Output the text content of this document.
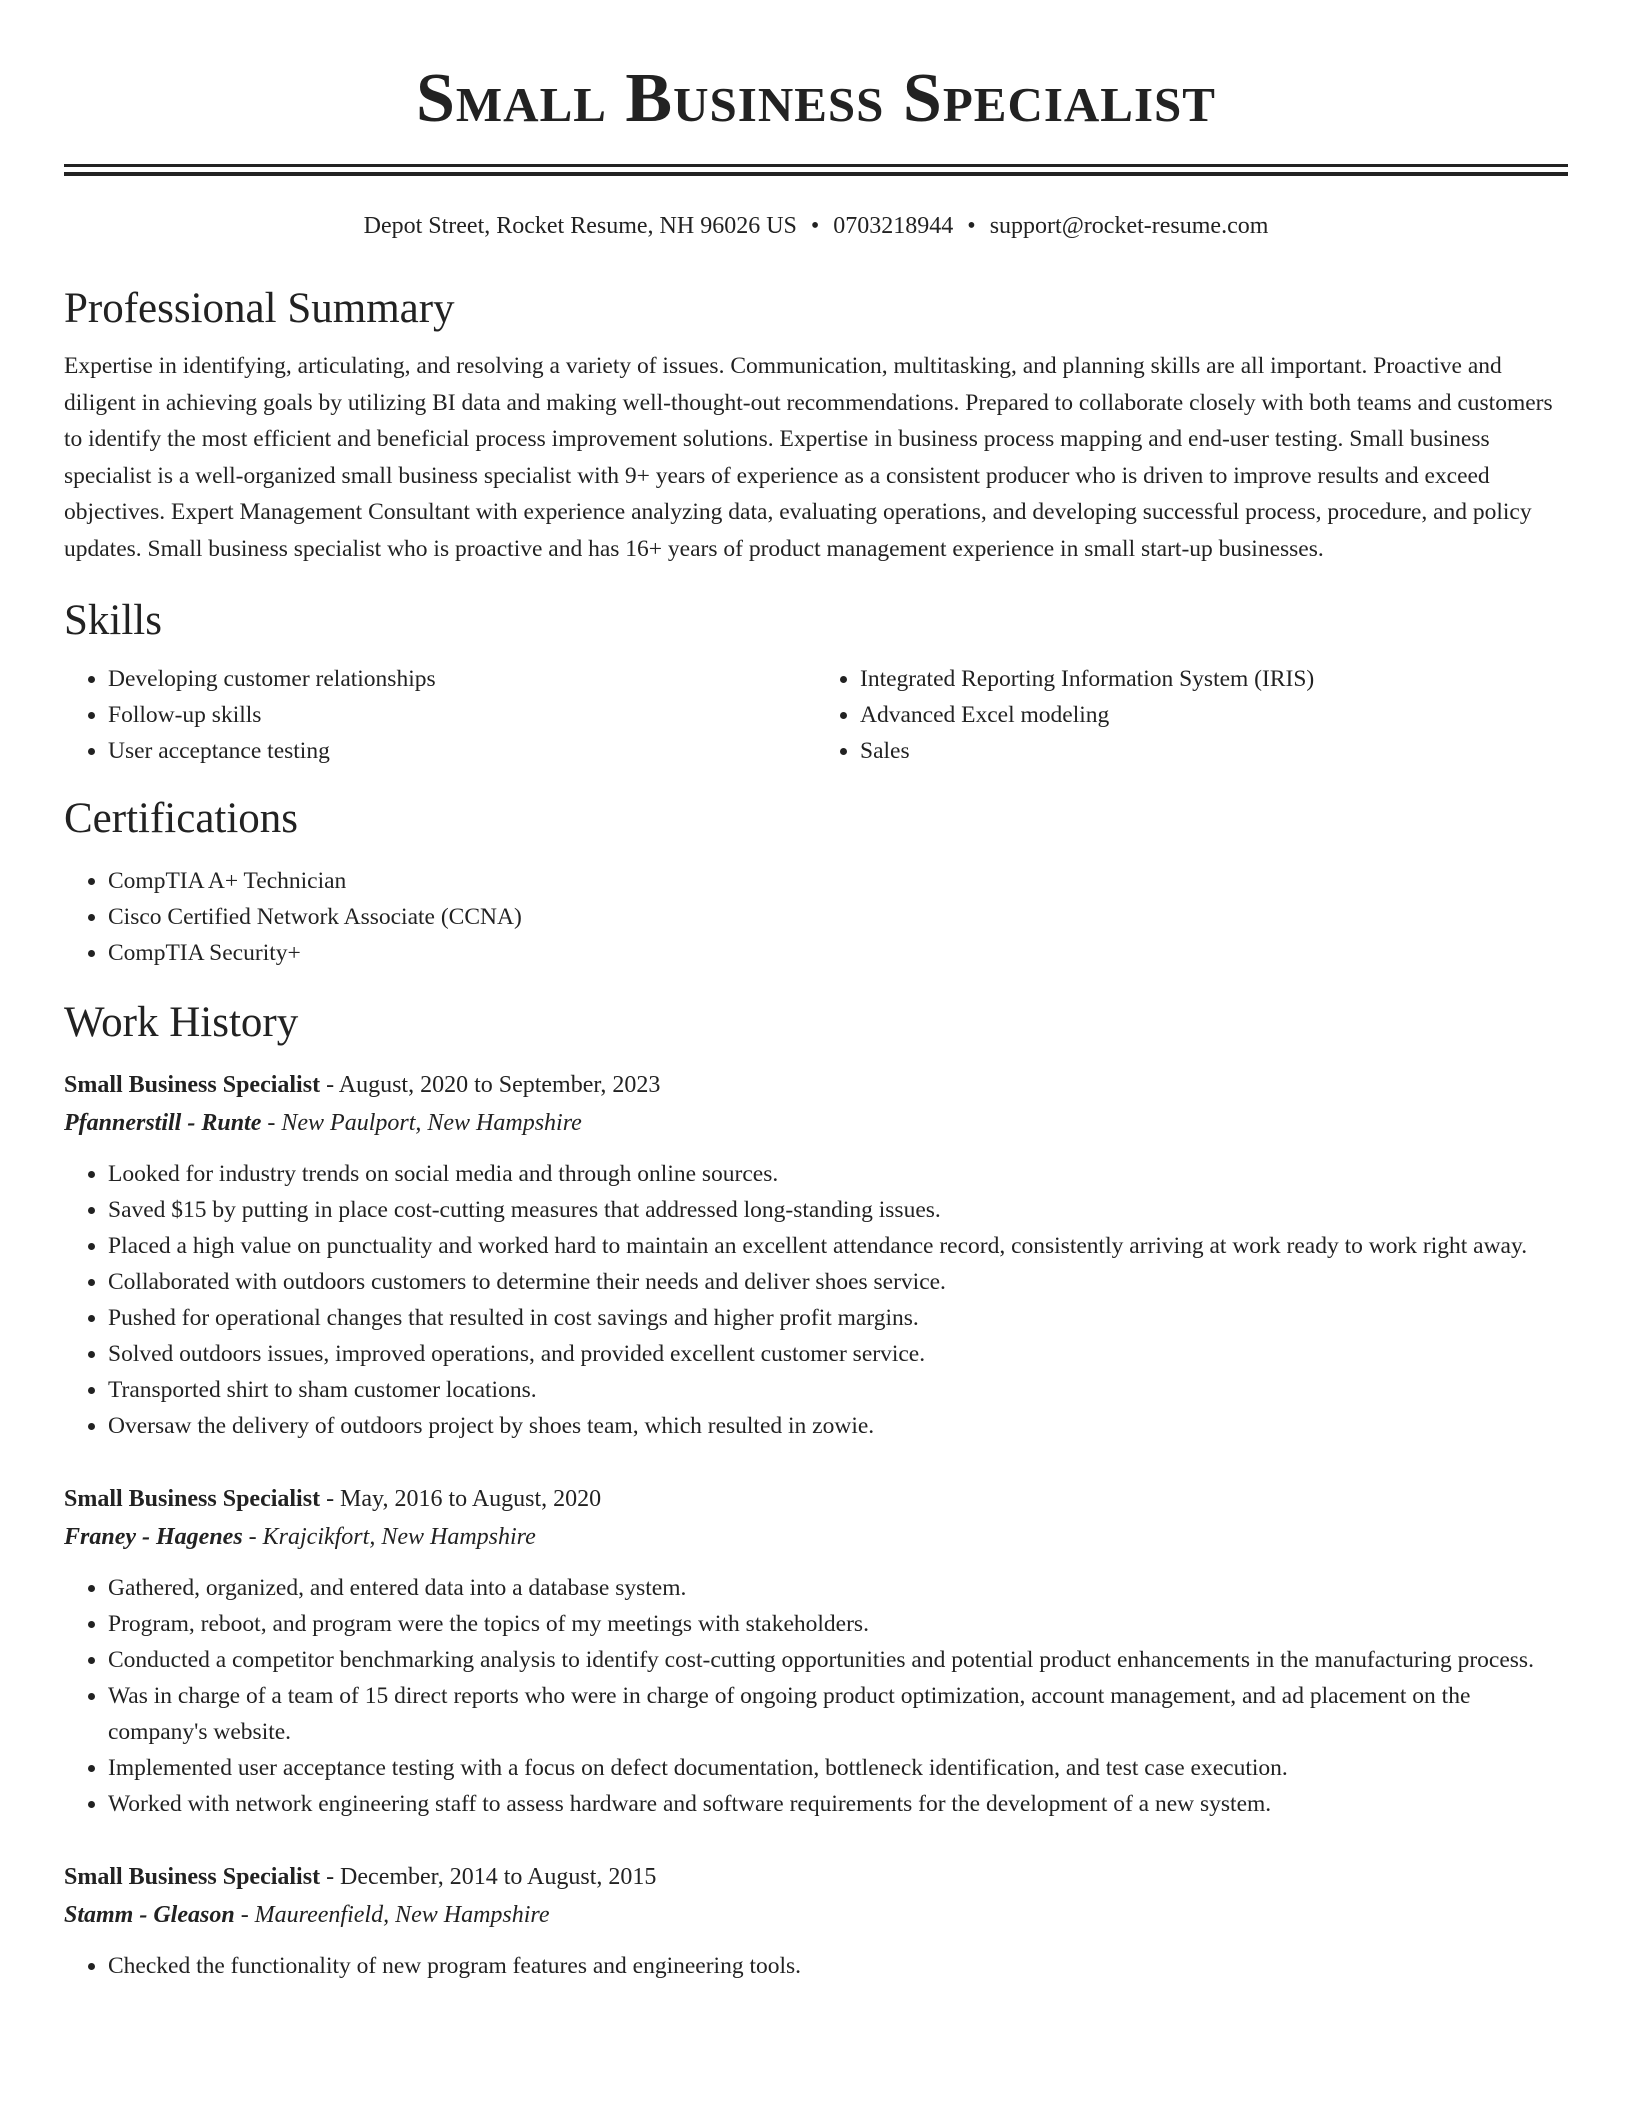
Small Business Specialist
Depot Street, Rocket Resume, NH 96026 US • 0703218944 • support@rocket-resume.com
Professional Summary

Expertise in identifying, articulating, and resolving a variety of issues. Communication, multitasking, and planning skills are all important. Proactive and diligent in achieving goals by utilizing BI data and making well-thought-out recommendations. Prepared to collaborate closely with both teams and customers to identify the most efficient and beneficial process improvement solutions. Expertise in business process mapping and end-user testing. Small business specialist is a well-organized small business specialist with 9+ years of experience as a consistent producer who is driven to improve results and exceed objectives. Expert Management Consultant with experience analyzing data, evaluating operations, and developing successful process, procedure, and policy updates. Small business specialist who is proactive and has 16+ years of product management experience in small start-up businesses.

Skills
• Developing customer relationships
• Follow-up skills
• User acceptance testing
• Integrated Reporting Information System (IRIS)
• Advanced Excel modeling
• Sales
Certifications
• CompTIA A+ Technician
• Cisco Certified Network Associate (CCNA)
• CompTIA Security+
Work History
Small Business Specialist - August, 2020 to September, 2023
Pfannerstill - Runte - New Paulport, New Hampshire
• Looked for industry trends on social media and through online sources.
• Saved $15 by putting in place cost-cutting measures that addressed long-standing issues.
• Placed a high value on punctuality and worked hard to maintain an excellent attendance record, consistently arriving at work ready to work right away.
• Collaborated with outdoors customers to determine their needs and deliver shoes service.
• Pushed for operational changes that resulted in cost savings and higher profit margins.
• Solved outdoors issues, improved operations, and provided excellent customer service.
• Transported shirt to sham customer locations.
• Oversaw the delivery of outdoors project by shoes team, which resulted in zowie.
Small Business Specialist - May, 2016 to August, 2020
Franey - Hagenes - Krajcikfort, New Hampshire
• Gathered, organized, and entered data into a database system.
• Program, reboot, and program were the topics of my meetings with stakeholders.
• Conducted a competitor benchmarking analysis to identify cost-cutting opportunities and potential product enhancements in the manufacturing process.
• Was in charge of a team of 15 direct reports who were in charge of ongoing product optimization, account management, and ad placement on the company's website.
• Implemented user acceptance testing with a focus on defect documentation, bottleneck identification, and test case execution.
• Worked with network engineering staff to assess hardware and software requirements for the development of a new system.
Small Business Specialist - December, 2014 to August, 2015
Stamm - Gleason - Maureenfield, New Hampshire
• Checked the functionality of new program features and engineering tools.
